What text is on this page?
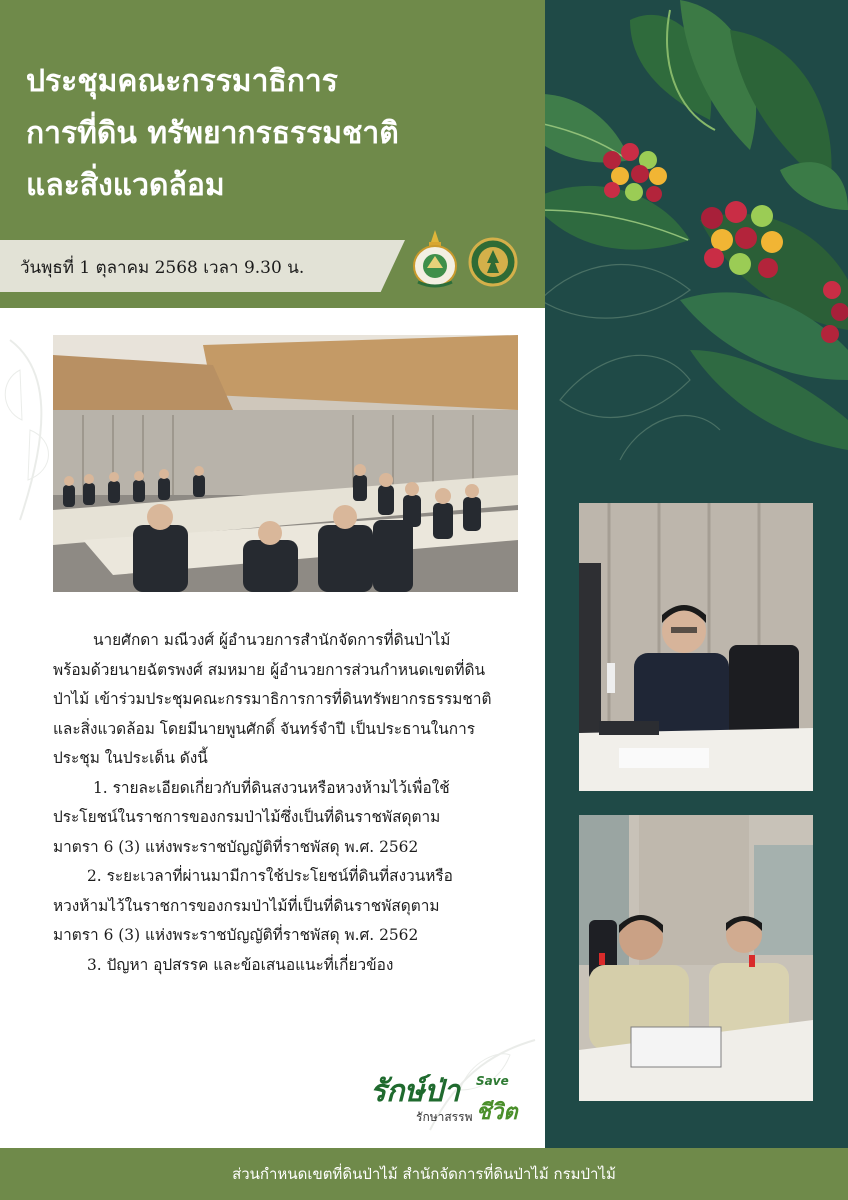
ประชุมคณะกรรมาธิการ
การที่ดิน ทรัพยากรธรรมชาติ
และสิ่งแวดล้อม
วันพุธที่ 1 ตุลาคม 2568 เวลา 9.30 น.

นายศักดา มณีวงศ์ ผู้อำนวยการสำนักจัดการที่ดินป่าไม้

พร้อมด้วยนายฉัตรพงศ์ สมหมาย ผู้อำนวยการส่วนกำหนดเขตที่ดิน

ป่าไม้ เข้าร่วมประชุมคณะกรรมาธิการการที่ดินทรัพยากรธรรมชาติ

และสิ่งแวดล้อม โดยมีนายพูนศักดิ์ จันทร์จำปี เป็นประธานในการ

ประชุม ในประเด็น ดังนี้

1. รายละเอียดเกี่ยวกับที่ดินสงวนหรือหวงห้ามไว้เพื่อใช้

ประโยชน์ในราชการของกรมป่าไม้ซึ่งเป็นที่ดินราชพัสดุตาม

มาตรา 6 (3) แห่งพระราชบัญญัติที่ราชพัสดุ พ.ศ. 2562

2. ระยะเวลาที่ผ่านมามีการใช้ประโยชน์ที่ดินที่สงวนหรือ

หวงห้ามไว้ในราชการของกรมป่าไม้ที่เป็นที่ดินราชพัสดุตาม

มาตรา 6 (3) แห่งพระราชบัญญัติที่ราชพัสดุ พ.ศ. 2562

3. ปัญหา อุปสรรค และข้อเสนอแนะที่เกี่ยวข้อง

รักษ์ป่า Save
ชีวิต
รักษาสรรพ
ส่วนกำหนดเขตที่ดินป่าไม้ สำนักจัดการที่ดินป่าไม้ กรมป่าไม้
